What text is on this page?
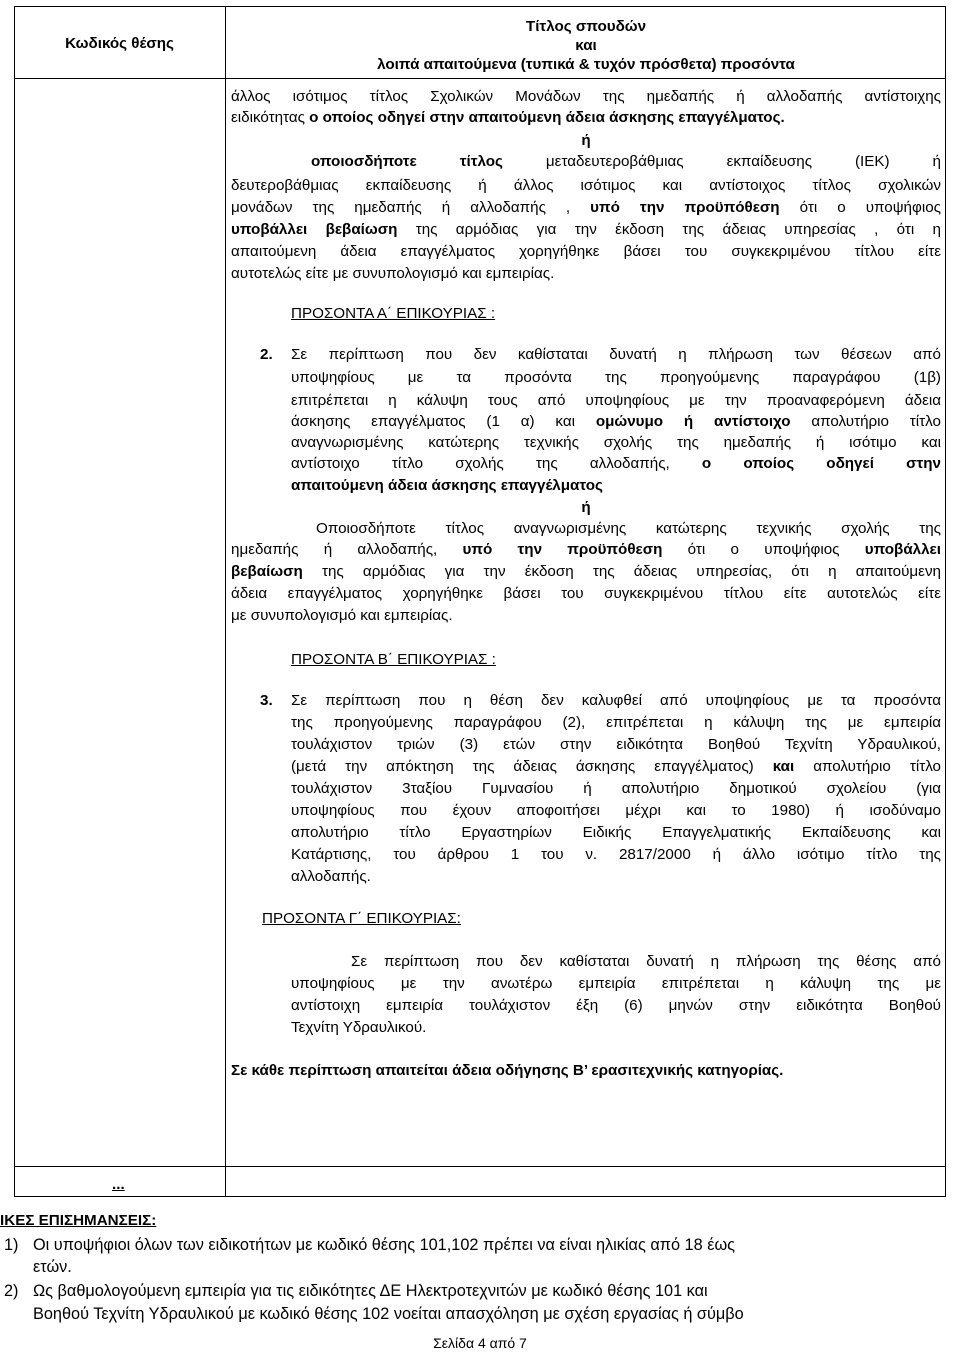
Κωδικός θέσης
Τίτλος σπουδών
και
λοιπά απαιτούμενα (τυπικά & τυχόν πρόσθετα) προσόντα
άλλος ισότιμος τίτλος Σχολικών Μονάδων της ημεδαπής ή αλλοδαπής αντίστοιχης
ειδικότητας ο οποίος οδηγεί στην απαιτούμενη άδεια άσκησης επαγγέλματος.
ή
οποιοσδήποτε τίτλος μεταδευτεροβάθμιας εκπαίδευσης (ΙΕΚ) ή
δευτεροβάθμιας εκπαίδευσης ή άλλος ισότιμος και αντίστοιχος τίτλος σχολικών
μονάδων της ημεδαπής ή αλλοδαπής , υπό την προϋπόθεση ότι ο υποψήφιος
υποβάλλει βεβαίωση της αρμόδιας για την έκδοση της άδειας υπηρεσίας , ότι η
απαιτούμενη άδεια επαγγέλματος χορηγήθηκε βάσει του συγκεκριμένου τίτλου είτε
αυτοτελώς είτε με συνυπολογισμό και εμπειρίας.
ΠΡΟΣΟΝΤΑ Α΄ ΕΠΙΚΟΥΡΙΑΣ :
2. Σε περίπτωση που δεν καθίσταται δυνατή η πλήρωση των θέσεων από
υποψηφίους με τα προσόντα της προηγούμενης παραγράφου (1β)
επιτρέπεται η κάλυψη τους από υποψηφίους με την προαναφερόμενη άδεια
άσκησης επαγγέλματος (1 α) και ομώνυμο ή αντίστοιχο απολυτήριο τίτλο
αναγνωρισμένης κατώτερης τεχνικής σχολής της ημεδαπής ή ισότιμο και
αντίστοιχο τίτλο σχολής της αλλοδαπής, ο οποίος οδηγεί στην
απαιτούμενη άδεια άσκησης επαγγέλματος
ή
Οποιοσδήποτε τίτλος αναγνωρισμένης κατώτερης τεχνικής σχολής της
ημεδαπής ή αλλοδαπής, υπό την προϋπόθεση ότι ο υποψήφιος υποβάλλει
βεβαίωση της αρμόδιας για την έκδοση της άδειας υπηρεσίας, ότι η απαιτούμενη
άδεια επαγγέλματος χορηγήθηκε βάσει του συγκεκριμένου τίτλου είτε αυτοτελώς είτε
με συνυπολογισμό και εμπειρίας.
ΠΡΟΣΟΝΤΑ Β΄ ΕΠΙΚΟΥΡΙΑΣ :
3. Σε περίπτωση που η θέση δεν καλυφθεί από υποψηφίους με τα προσόντα
της προηγούμενης παραγράφου (2), επιτρέπεται η κάλυψη της με εμπειρία
τουλάχιστον τριών (3) ετών στην ειδικότητα Βοηθού Τεχνίτη Υδραυλικού,
(μετά την απόκτηση της άδειας άσκησης επαγγέλματος) και απολυτήριο τίτλο
τουλάχιστον 3ταξίου Γυμνασίου ή απολυτήριο δημοτικού σχολείου (για
υποψηφίους που έχουν αποφοιτήσει μέχρι και το 1980) ή ισοδύναμο
απολυτήριο τίτλο Εργαστηρίων Ειδικής Επαγγελματικής Εκπαίδευσης και
Κατάρτισης, του άρθρου 1 του ν. 2817/2000 ή άλλο ισότιμο τίτλο της
αλλοδαπής.
ΠΡΟΣΟΝΤΑ Γ΄ ΕΠΙΚΟΥΡΙΑΣ:
Σε περίπτωση που δεν καθίσταται δυνατή η πλήρωση της θέσης από
υποψηφίους με την ανωτέρω εμπειρία επιτρέπεται η κάλυψη της με
αντίστοιχη εμπειρία τουλάχιστον έξη (6) μηνών στην ειδικότητα Βοηθού
Τεχνίτη Υδραυλικού.
Σε κάθε περίπτωση απαιτείται άδεια οδήγησης Β’ ερασιτεχνικής κατηγορίας.
...
ΙΚΕΣ ΕΠΙΣΗΜΑΝΣΕΙΣ:
1) Οι υποψήφιοι όλων των ειδικοτήτων με κωδικό θέσης 101,102 πρέπει να είναι ηλικίας από 18 έως
ετών.
2) Ως βαθμολογούμενη εμπειρία για τις ειδικότητες ΔΕ Ηλεκτροτεχνιτών με κωδικό θέσης 101 και
Βοηθού Τεχνίτη Υδραυλικού με κωδικό θέσης 102 νοείται απασχόληση με σχέση εργασίας ή σύμβο
Σελίδα 4 από 7
